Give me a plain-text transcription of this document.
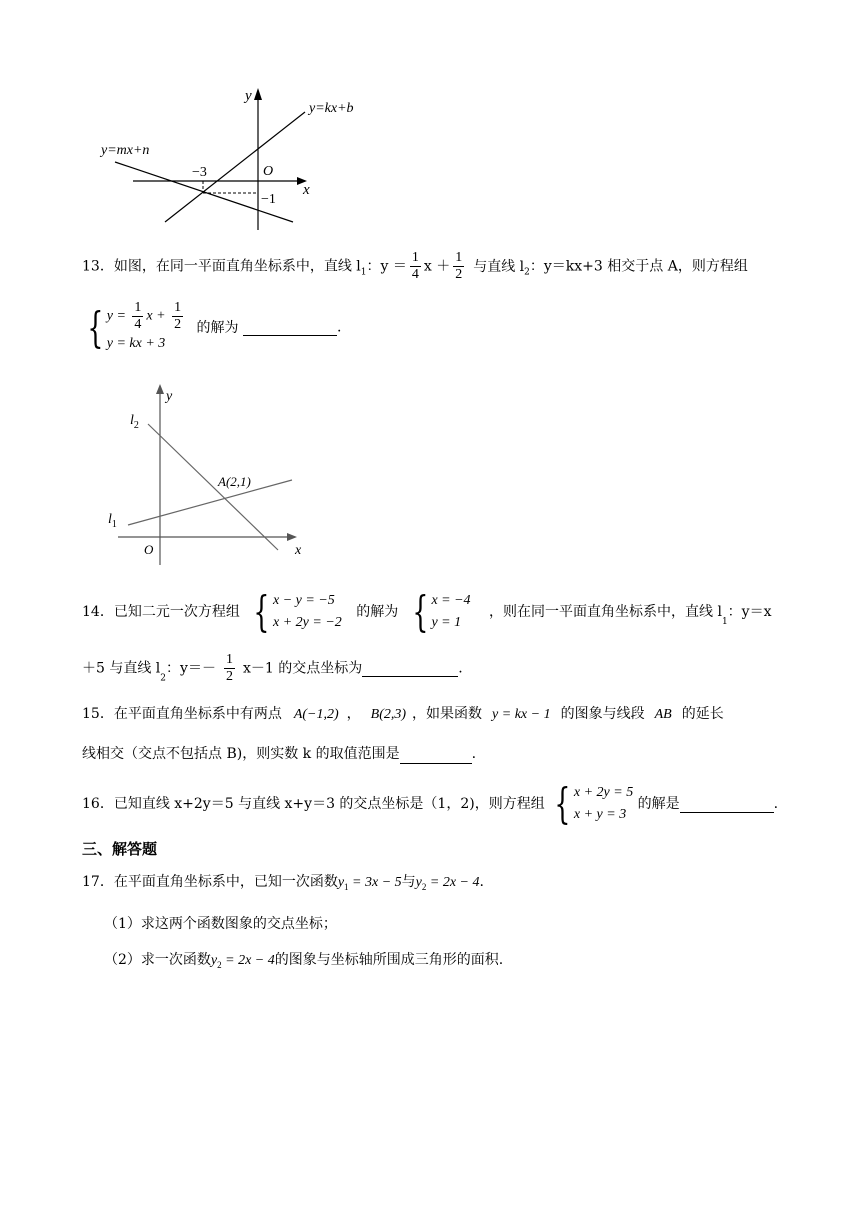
y
x
O
y=kx+b
y=mx+n
−3
−1
13．如图，在同一平面直角坐标系中，直线 $l_1$：$y = \frac{1}{4}$ $x + \frac{1}{2}$ 与直线 $l_2$：y＝kx+3 相交于点 A，则方程组
{ $y = \frac{1}{4}$ $x + \frac{1}{2}$
y = kx + 3
的解为	.
y
x
O
$l_2$
$l_1$
A(2,1)
14．已知二元一次方程组 { x − y = −5
x + 2y = −2
的解为 { x = −4
y = 1
，则在同一平面直角坐标系中，直线 $l_1$：y＝x
＋5 与直线 $l_2$：$y=- \frac{1}{2} x-1$ 的交点坐标为	.
15．在平面直角坐标系中有两点 A(−1,2) ， B(2,3) ，如果函数 y = kx − 1 的图象与线段 AB 的延长
线相交（交点不包括点 B)，则实数 k 的取值范围是	.
16．已知直线 x+2y＝5 与直线 x+y＝3 的交点坐标是（1，2)，则方程组 { x + 2y = 5
x + y = 3
的解是	.
三、解答题
17．在平面直角坐标系中，已知一次函数$y_1 = 3x - 5$与$y_2 = 2x - 4$.
（1）求这两个函数图象的交点坐标；
（2）求一次函数$y_2 = 2x - 4$的图象与坐标轴所围成三角形的面积.
